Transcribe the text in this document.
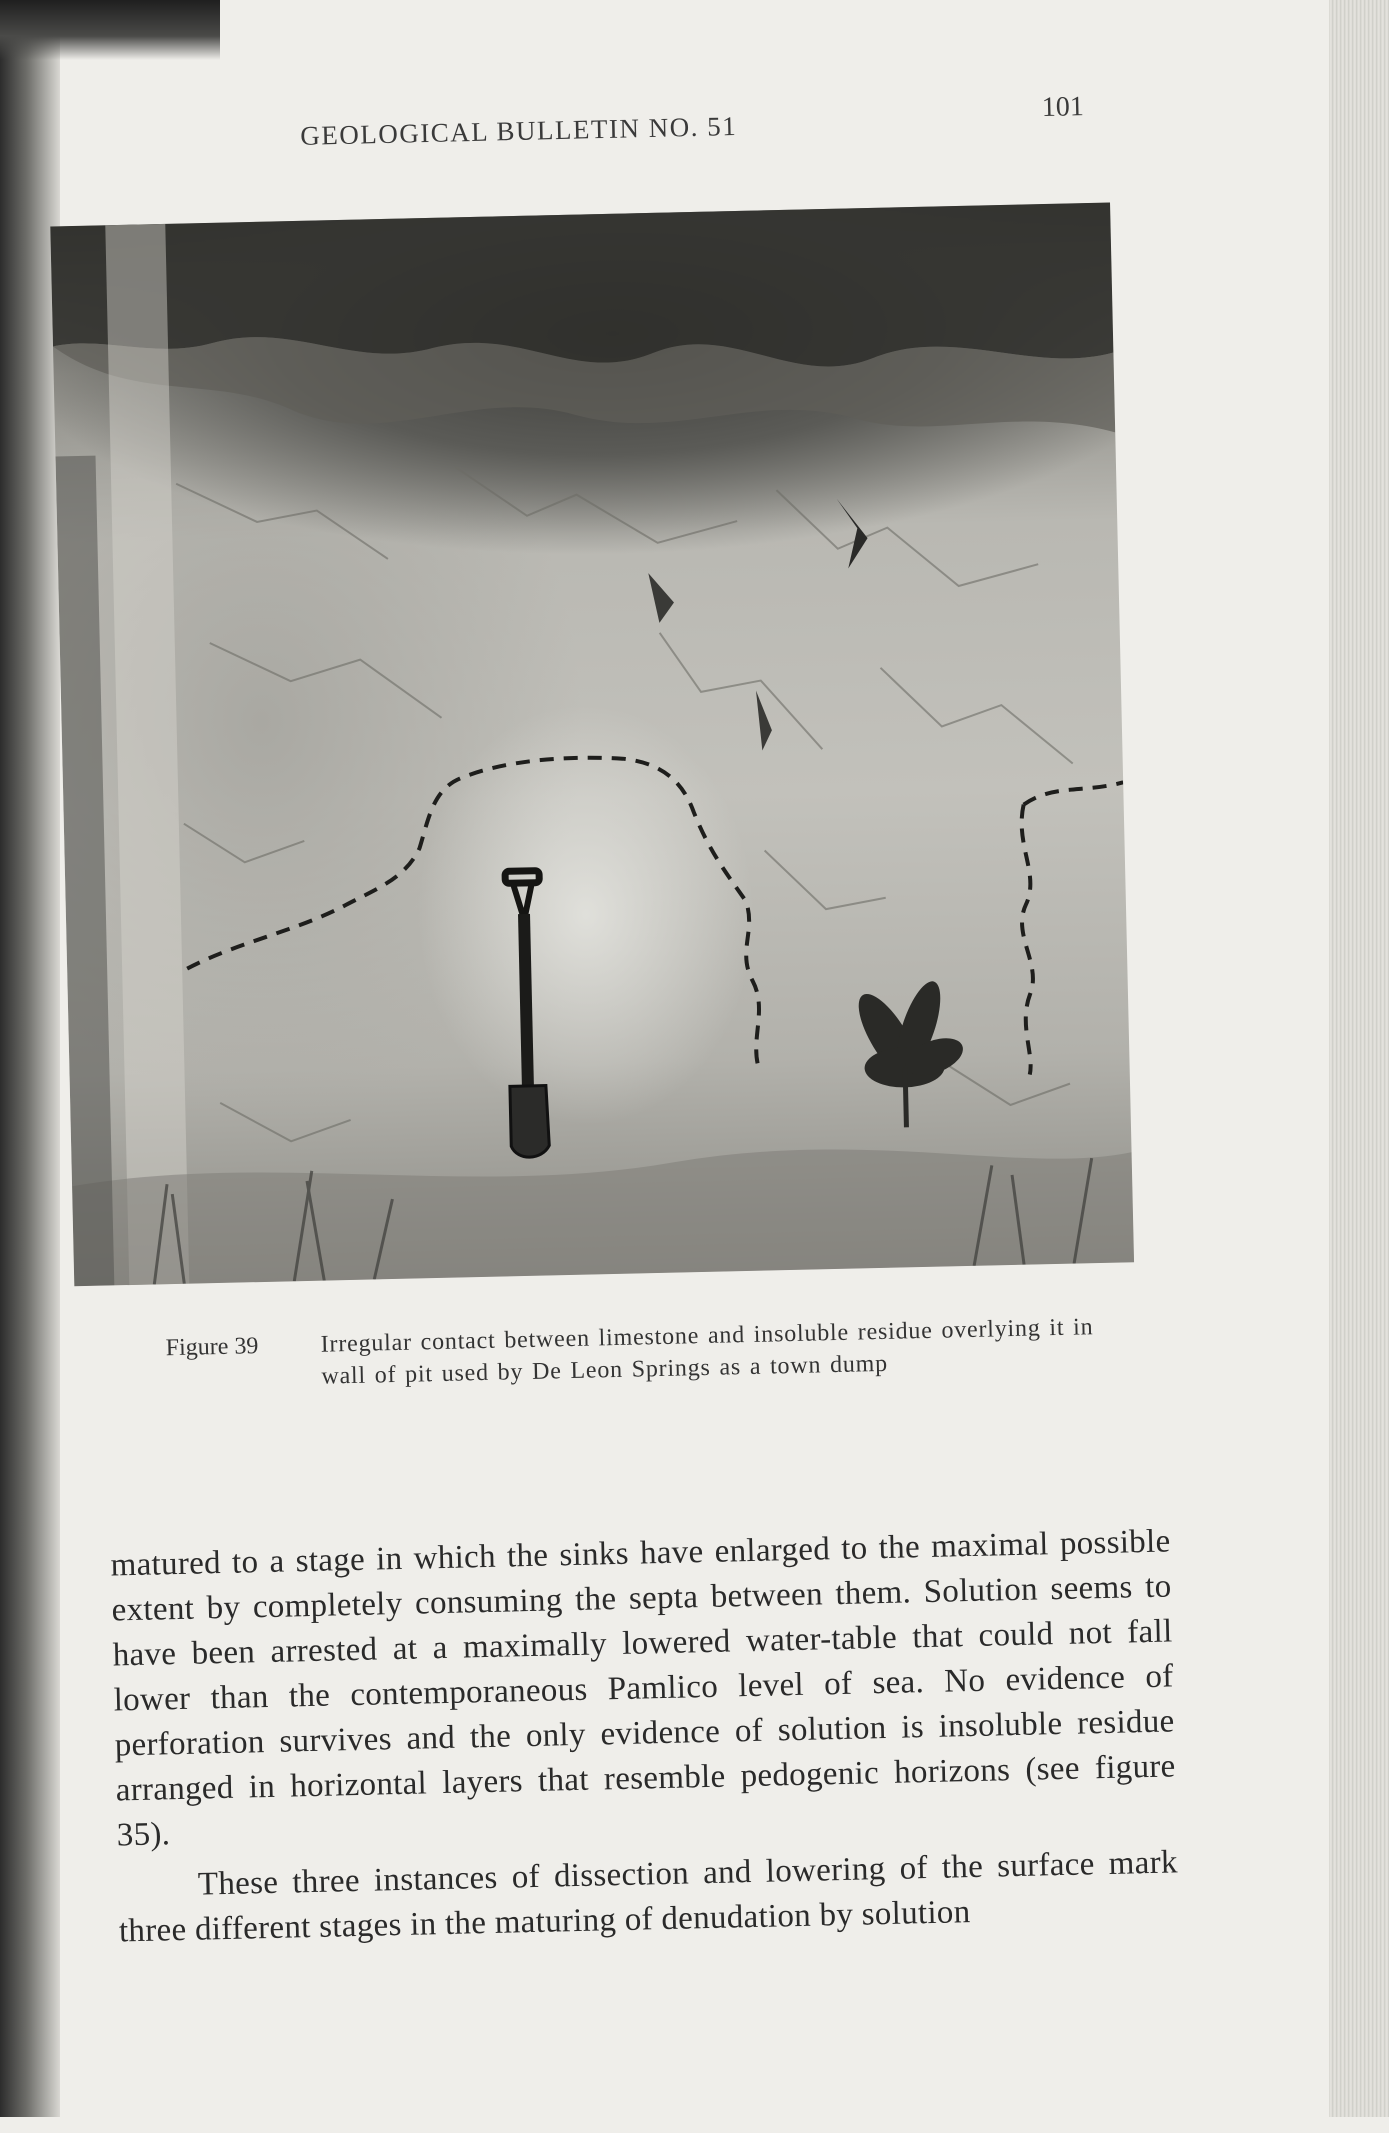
GEOLOGICAL BULLETIN NO. 51
101
Figure 39	Irregular contact between limestone and insoluble residue overlying it in wall of pit used by De Leon Springs as a town dump

matured to a stage in which the sinks have enlarged to the maximal possible extent by completely consuming the septa between them. Solution seems to have been arrested at a maximally lowered water-table that could not fall lower than the contemporaneous Pamlico level of sea. No evidence of perforation survives and the only evidence of solution is insoluble residue arranged in horizontal layers that resemble pedogenic horizons (see figure 35).

These three instances of dissection and lowering of the surface mark three different stages in the maturing of denudation by solution
